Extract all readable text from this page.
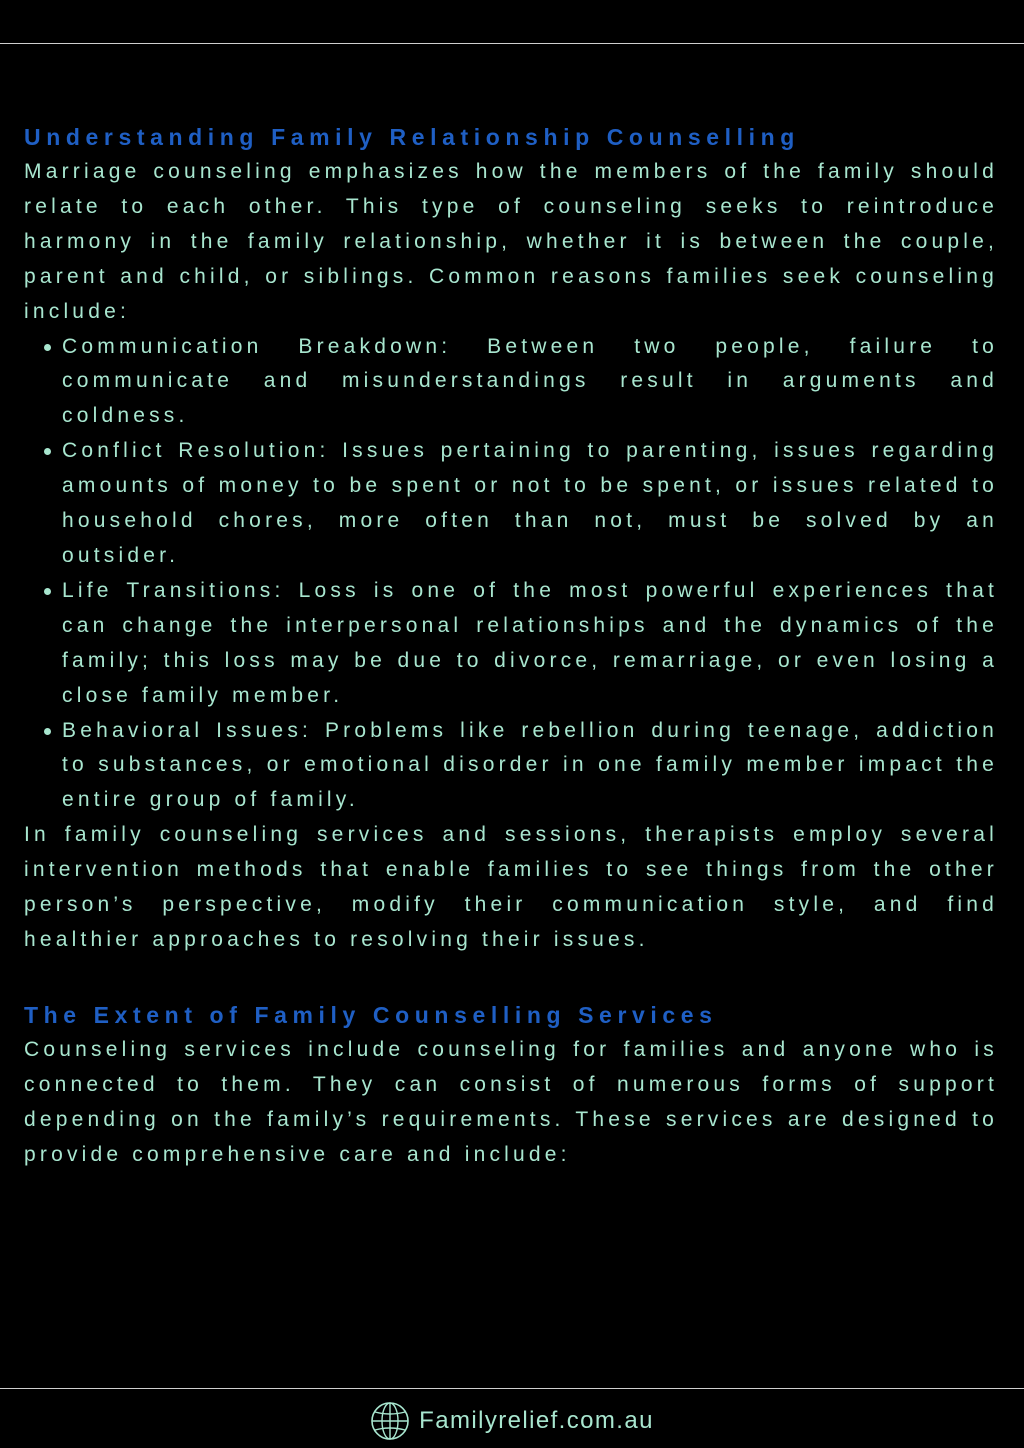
Understanding Family Relationship Counselling

Marriage counseling emphasizes how the members of the family should relate to each other. This type of counseling seeks to reintroduce harmony in the family relationship, whether it is between the couple, parent and child, or siblings. Common reasons families seek counseling include:

Communication Breakdown: Between two people, failure to communicate and misunderstandings result in arguments and coldness.
Conflict Resolution: Issues pertaining to parenting, issues regarding amounts of money to be spent or not to be spent, or issues related to household chores, more often than not, must be solved by an outsider.
Life Transitions: Loss is one of the most powerful experiences that can change the interpersonal relationships and the dynamics of the family; this loss may be due to divorce, remarriage, or even losing a close family member.
Behavioral Issues: Problems like rebellion during teenage, addiction to substances, or emotional disorder in one family member impact the entire group of family.

In family counseling services and sessions, therapists employ several intervention methods that enable families to see things from the other person’s perspective, modify their communication style, and find healthier approaches to resolving their issues.

The Extent of Family Counselling Services

Counseling services include counseling for families and anyone who is connected to them. They can consist of numerous forms of support depending on the family’s requirements. These services are designed to provide comprehensive care and include:

Familyrelief.com.au
